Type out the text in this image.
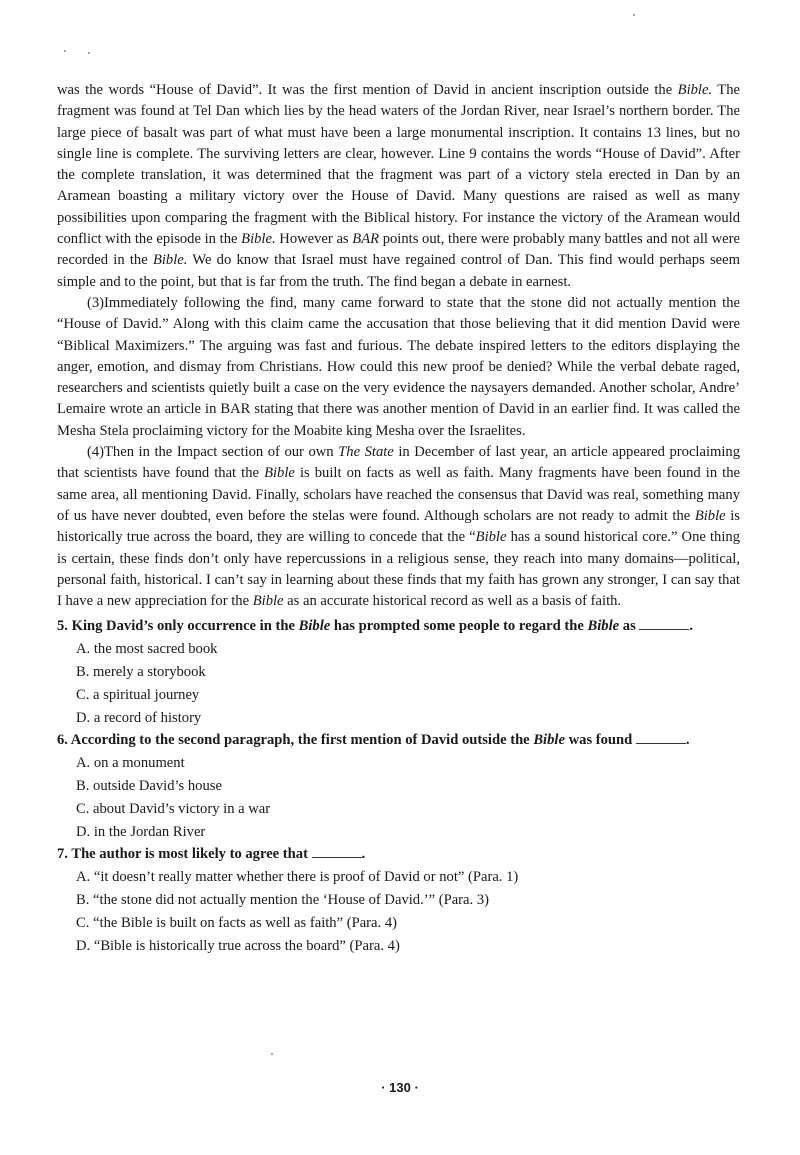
was the words “House of David”. It was the first mention of David in ancient inscription outside the Bible. The fragment was found at Tel Dan which lies by the head waters of the Jordan River, near Israel’s northern border. The large piece of basalt was part of what must have been a large monumental inscription. It contains 13 lines, but no single line is complete. The surviving letters are clear, however. Line 9 contains the words “House of David”. After the complete translation, it was determined that the fragment was part of a victory stela erected in Dan by an Aramean boasting a military victory over the House of David. Many questions are raised as well as many possibilities upon comparing the fragment with the Biblical history. For instance the victory of the Aramean would conflict with the episode in the Bible. However as BAR points out, there were probably many battles and not all were recorded in the Bible. We do know that Israel must have regained control of Dan. This find would perhaps seem simple and to the point, but that is far from the truth. The find began a debate in earnest.

(3)Immediately following the find, many came forward to state that the stone did not actually mention the “House of David.” Along with this claim came the accusation that those believing that it did mention David were “Biblical Maximizers.” The arguing was fast and furious. The debate inspired letters to the editors displaying the anger, emotion, and dismay from Christians. How could this new proof be denied? While the verbal debate raged, researchers and scientists quietly built a case on the very evidence the naysayers demanded. Another scholar, Andre’ Lemaire wrote an article in BAR stating that there was another mention of David in an earlier find. It was called the Mesha Stela proclaiming victory for the Moabite king Mesha over the Israelites.

(4)Then in the Impact section of our own The State in December of last year, an article appeared proclaiming that scientists have found that the Bible is built on facts as well as faith. Many fragments have been found in the same area, all mentioning David. Finally, scholars have reached the consensus that David was real, something many of us have never doubted, even before the stelas were found. Although scholars are not ready to admit the Bible is historically true across the board, they are willing to concede that the “Bible has a sound historical core.” One thing is certain, these finds don’t only have repercussions in a religious sense, they reach into many domains—political, personal faith, historical. I can’t say in learning about these finds that my faith has grown any stronger, I can say that I have a new appreciation for the Bible as an accurate historical record as well as a basis of faith.

5. King David’s only occurrence in the Bible has prompted some people to regard the Bible as	.

A. the most sacred book

B. merely a storybook

C. a spiritual journey

D. a record of history

6. According to the second paragraph, the first mention of David outside the Bible was found	.

A. on a monument

B. outside David’s house

C. about David’s victory in a war

D. in the Jordan River

7. The author is most likely to agree that	.

A. “it doesn’t really matter whether there is proof of David or not” (Para. 1)

B. “the stone did not actually mention the ‘House of David.’” (Para. 3)

C. “the Bible is built on facts as well as faith” (Para. 4)

D. “Bible is historically true across the board” (Para. 4)

· 130 ·
